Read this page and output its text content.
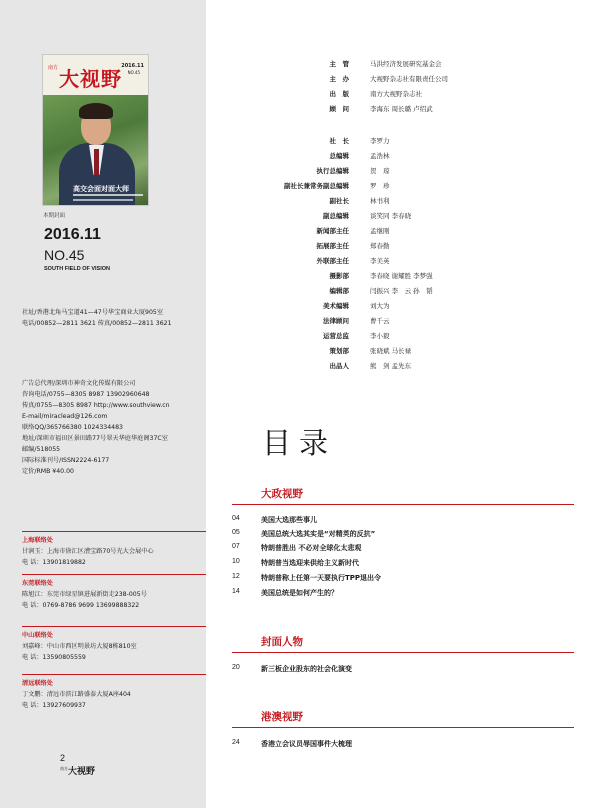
南方 大视野
2016.11
NO.45
高交会面对面大师
本期封面
2016.11
NO.45
SOUTH FIELD OF VISION
社址/香港北角马宝道41—47号华宝商业大厦905室
电话/00852—2811 3621 传真/00852—2811 3621
广告总代理/深圳市神奇文化传媒有限公司
咨询电话/0755—8305 8987 13902960648
传真/0755—8305 8987 http://www.southview.cn
E-mail/miraclead@126.com
联络QQ/365766380 1024334483
地址/深圳市福田区景田路77号翠天华庭华庭阁37C室
邮编/518055
国际标准刊号/ISSN2224-6177
定价/RMB ¥40.00
上海联络处
甘润玉：上海市徐汇区漕宝路70号光大会展中心
电 话：13901819882
东莞联络处
陈旭江：东莞市绿星镇进展新街走238-005号
电 话：0769-8786 9699 13699888322
中山联络处
刘嘉峰：中山市西区明景坊大厦8栋810室
电 话：13590805559
清远联络处
丁文鹏：清远市滨江路盛泰大厦A座404
电 话：13927609937
2
南方 大视野
主　管	马洪经济发展研究基金会
主　办	大视野杂志社有限责任公司
出　版	南方大视野杂志社
顾　问	李海东 周长璐 卢绍武
社　长	李罗力
总编辑	孟浩林
执行总编辑	贺　琼
副社长兼常务副总编辑	罗　珍
副社长	林书利
副总编辑	谈笑同 李春晓
新闻部主任	孟继刚
拓展部主任	郑春勤
外联部主任	李美英
摄影部	李春晓 谢耀胜 李梦强
编辑部	闫振兴 李　云 孙　韬
美术编辑	刘大为
法律顾问	曹千云
运营总监	李小毅
策划部	张晓斌 马长禄
出品人	熊　剑 孟先东
目录
大政视野
04	美国大选那些事儿
05	美国总统大选其实是“对精英的反抗”
07	特朗普胜出 不必对全球化太悲观
10	特朗普当选迎来供给主义新时代
12	特朗普称上任第一天要执行TPP退出令
14	美国总统是如何产生的？
封面人物
20	新三板企业股东的社会化演变
港澳视野
24	香港立会议员辱国事件大梳理
